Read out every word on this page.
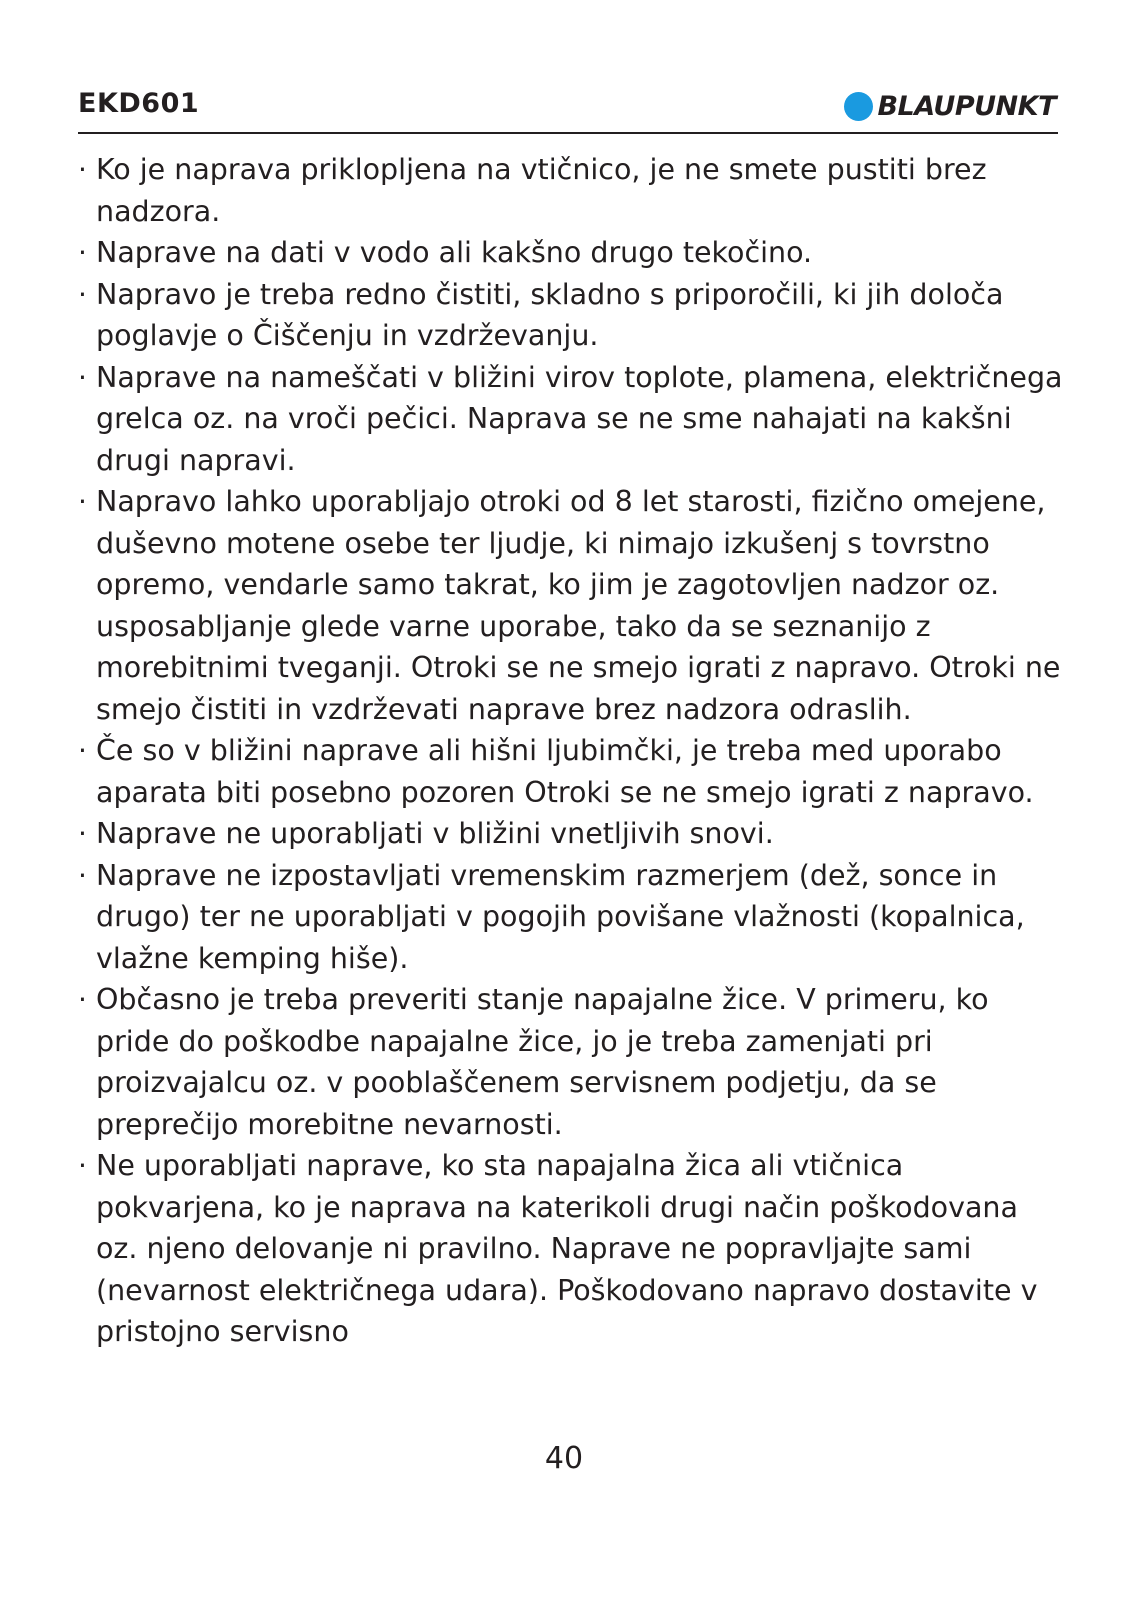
EKD601	BLAUPUNKT
· Ko je naprava priklopljena na vtičnico, je ne smete pustiti brez nadzora.
· Naprave na dati v vodo ali kakšno drugo tekočino.
· Napravo je treba redno čistiti, skladno s priporočili, ki jih določa poglavje o Čiščenju in vzdrževanju.
· Naprave na nameščati v bližini virov toplote, plamena, električnega grelca oz. na vroči pečici. Naprava se ne sme nahajati na kakšni drugi napravi.
· Napravo lahko uporabljajo otroki od 8 let starosti, fizično omejene, duševno motene osebe ter ljudje, ki nimajo izkušenj s tovrstno opremo, vendarle samo takrat, ko jim je zagotovljen nadzor oz. usposabljanje glede varne uporabe, tako da se seznanijo z morebitnimi tveganji. Otroki se ne smejo igrati z napravo. Otroki ne smejo čistiti in vzdrževati naprave brez nadzora odraslih.
· Če so v bližini naprave ali hišni ljubimčki, je treba med uporabo aparata biti posebno pozoren Otroki se ne smejo igrati z napravo.
· Naprave ne uporabljati v bližini vnetljivih snovi.
· Naprave ne izpostavljati vremenskim razmerjem (dež, sonce in drugo) ter ne uporabljati v pogojih povišane vlažnosti (kopalnica, vlažne kemping hiše).
· Občasno je treba preveriti stanje napajalne žice. V primeru, ko pride do poškodbe napajalne žice, jo je treba zamenjati pri proizvajalcu oz. v pooblaščenem servisnem podjetju, da se preprečijo morebitne nevarnosti.
· Ne uporabljati naprave, ko sta napajalna žica ali vtičnica pokvarjena, ko je naprava na katerikoli drugi način poškodovana oz. njeno delovanje ni pravilno. Naprave ne popravljajte sami (nevarnost električnega udara). Poškodovano napravo dostavite v pristojno servisno
40
